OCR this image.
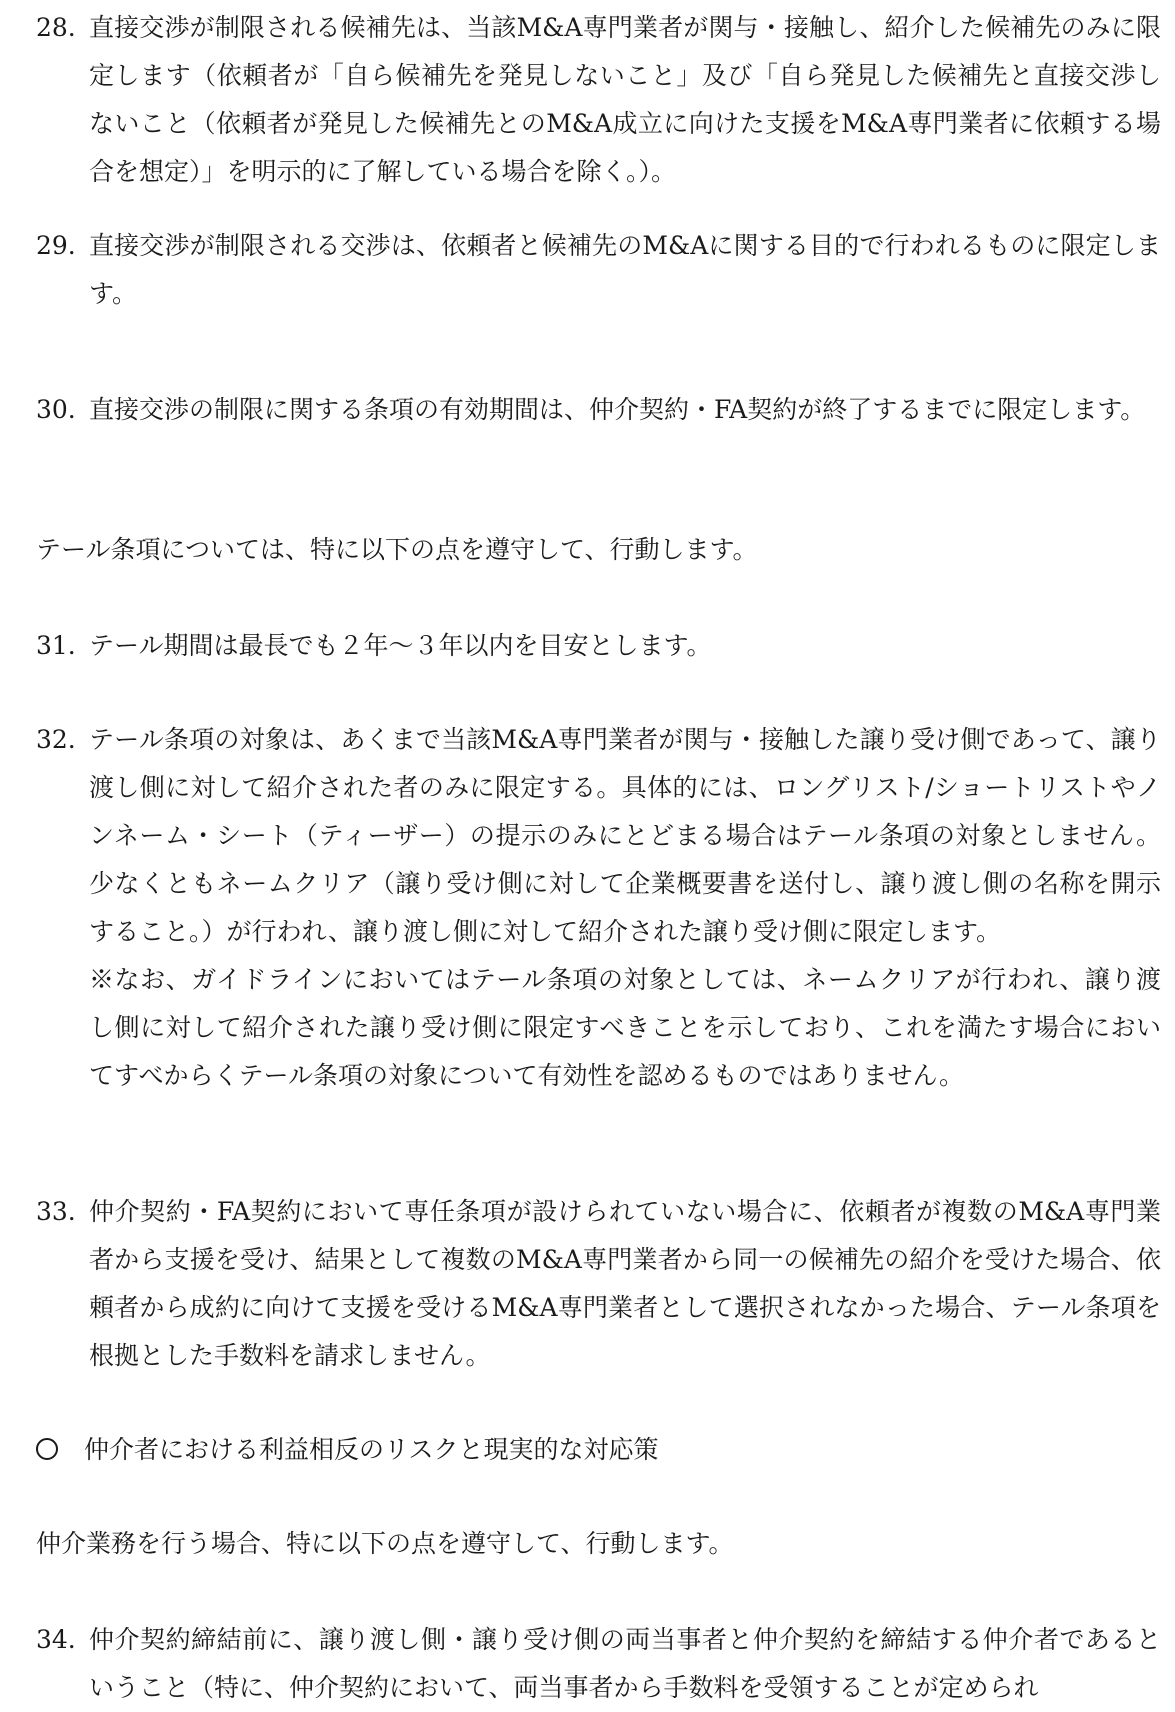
28. 直接交渉が制限される候補先は、当該M&A専門業者が関与・接触し、紹介した候補先のみに限定します（依頼者が「自ら候補先を発見しないこと」及び「自ら発見した候補先と直接交渉しないこと（依頼者が発見した候補先とのM&A成立に向けた支援をM&A専門業者に依頼する場合を想定）」を明示的に了解している場合を除く。）。
29. 直接交渉が制限される交渉は、依頼者と候補先のM&Aに関する目的で行われるものに限定します。
30. 直接交渉の制限に関する条項の有効期間は、仲介契約・FA契約が終了するまでに限定します。
テール条項については、特に以下の点を遵守して、行動します。
31. テール期間は最長でも２年～３年以内を目安とします。
32. テール条項の対象は、あくまで当該M&A専門業者が関与・接触した譲り受け側であって、譲り渡し側に対して紹介された者のみに限定する。具体的には、ロングリスト/ショートリストやノンネーム・シート（ティーザー）の提示のみにとどまる場合はテール条項の対象としません。少なくともネームクリア（譲り受け側に対して企業概要書を送付し、譲り渡し側の名称を開示すること。）が行われ、譲り渡し側に対して紹介された譲り受け側に限定します。
※なお、ガイドラインにおいてはテール条項の対象としては、ネームクリアが行われ、譲り渡し側に対して紹介された譲り受け側に限定すべきことを示しており、これを満たす場合においてすべからくテール条項の対象について有効性を認めるものではありません。
33. 仲介契約・FA契約において専任条項が設けられていない場合に、依頼者が複数のM&A専門業者から支援を受け、結果として複数のM&A専門業者から同一の候補先の紹介を受けた場合、依頼者から成約に向けて支援を受けるM&A専門業者として選択されなかった場合、テール条項を根拠とした手数料を請求しません。
仲介者における利益相反のリスクと現実的な対応策
仲介業務を行う場合、特に以下の点を遵守して、行動します。
34. 仲介契約締結前に、譲り渡し側・譲り受け側の両当事者と仲介契約を締結する仲介者であるということ（特に、仲介契約において、両当事者から手数料を受領することが定められ
